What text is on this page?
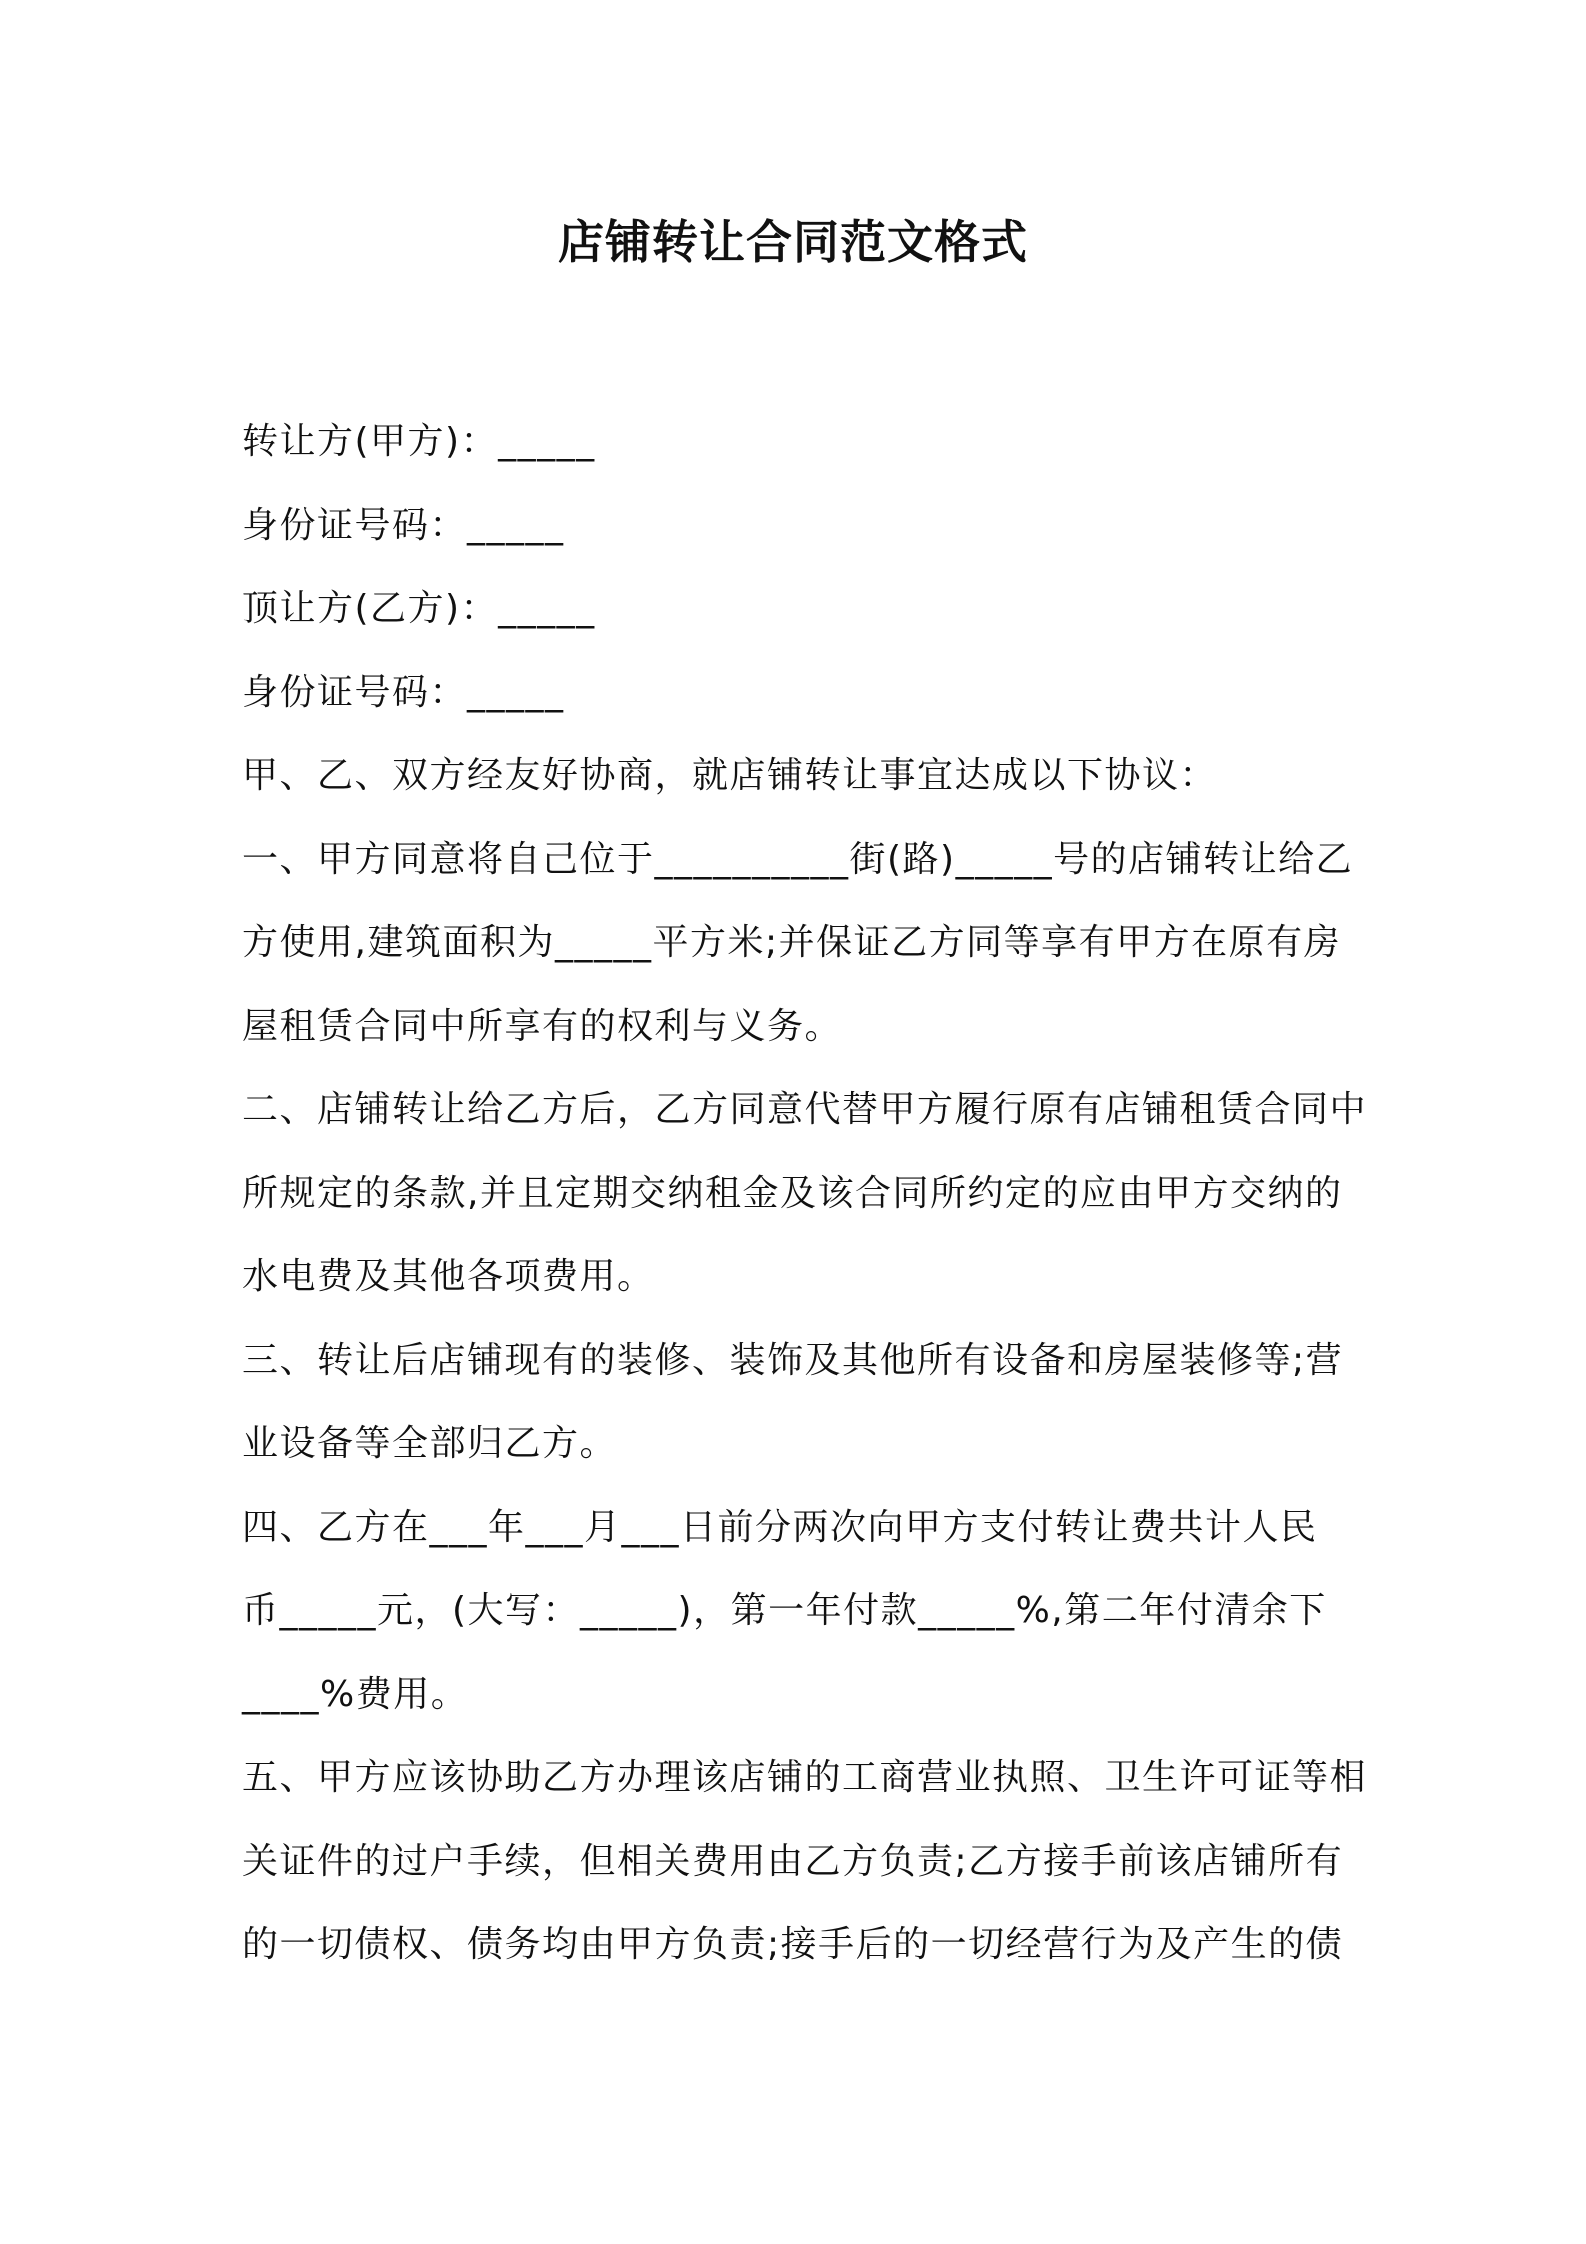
店铺转让合同范文格式
转让方(甲方)：_____
身份证号码：_____
顶让方(乙方)：_____
身份证号码：_____
甲、乙、双方经友好协商，就店铺转让事宜达成以下协议：
一、甲方同意将自己位于__________街(路)_____号的店铺转让给乙
方使用,建筑面积为_____平方米;并保证乙方同等享有甲方在原有房
屋租赁合同中所享有的权利与义务。
二、店铺转让给乙方后，乙方同意代替甲方履行原有店铺租赁合同中
所规定的条款,并且定期交纳租金及该合同所约定的应由甲方交纳的
水电费及其他各项费用。
三、转让后店铺现有的装修、装饰及其他所有设备和房屋装修等;营
业设备等全部归乙方。
四、乙方在___年___月___日前分两次向甲方支付转让费共计人民
币_____元，(大写：_____)，第一年付款_____%,第二年付清余下
____%费用。
五、甲方应该协助乙方办理该店铺的工商营业执照、卫生许可证等相
关证件的过户手续，但相关费用由乙方负责;乙方接手前该店铺所有
的一切债权、债务均由甲方负责;接手后的一切经营行为及产生的债
